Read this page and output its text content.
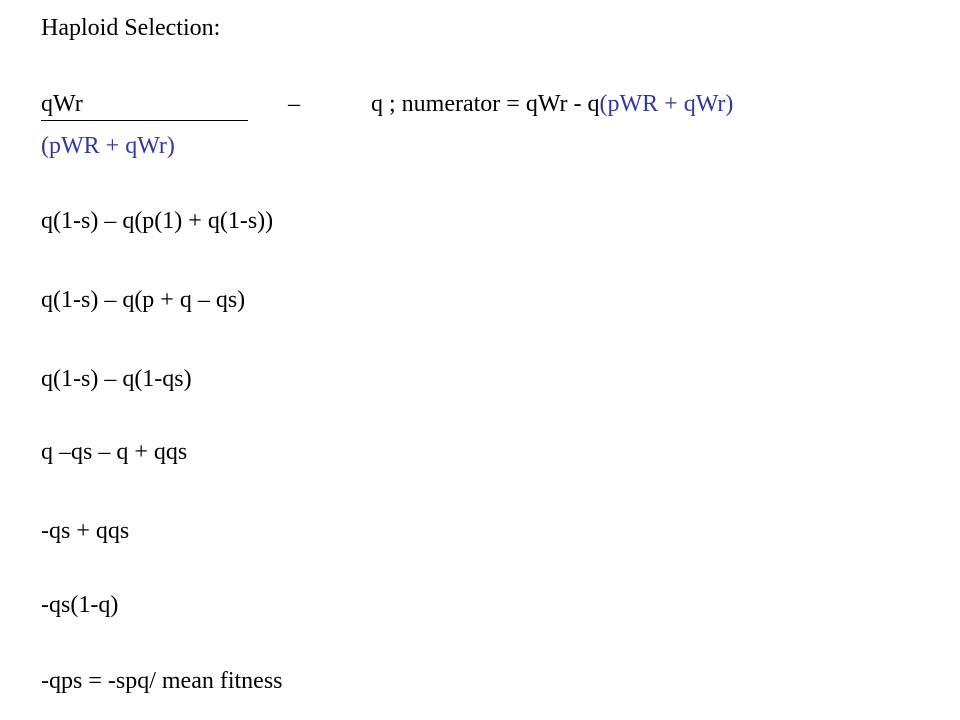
Haploid Selection:
qWr
(pWR + qWr)
–	q ; numerator = qWr - q(pWR + qWr)
q(1-s) – q(p(1) + q(1-s))
q(1-s) – q(p + q – qs)
q(1-s) – q(1-qs)
q –qs – q + qqs
-qs + qqs
-qs(1-q)
-qps = -spq/ mean fitness
